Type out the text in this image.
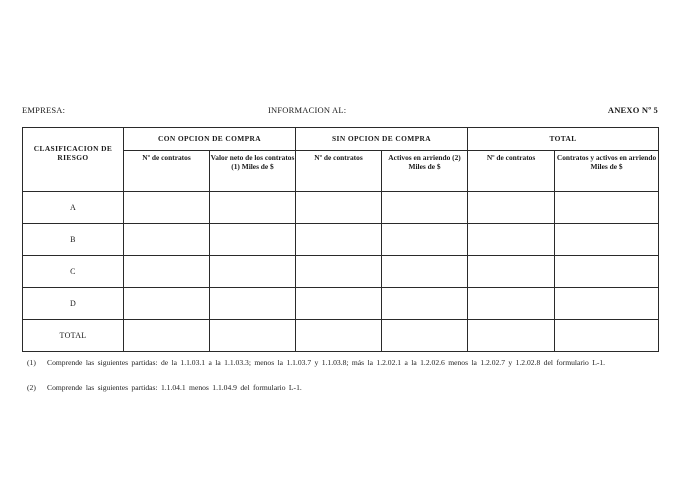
EMPRESA:	INFORMACION AL:	ANEXO Nº 5
CLASIFICACION DE RIESGO	CON OPCION DE COMPRA		SIN OPCION DE COMPRA		TOTAL	
	Nº de contratos	Valor neto de los contratos (1) Miles de $	Nº de contratos	Activos en arriendo (2) Miles de $	Nº de contratos	Contratos y activos en arriendo Miles de $
A						
B						
C						
D						
TOTAL						
(1)	Comprende las siguientes partidas: de la 1.1.03.1 a la 1.1.03.3; menos la 1.1.03.7 y 1.1.03.8; más la 1.2.02.1 a la 1.2.02.6 menos la 1.2.02.7 y 1.2.02.8 del formulario L-1.
(2)	Comprende las siguientes partidas: 1.1.04.1 menos 1.1.04.9 del formulario L-1.
